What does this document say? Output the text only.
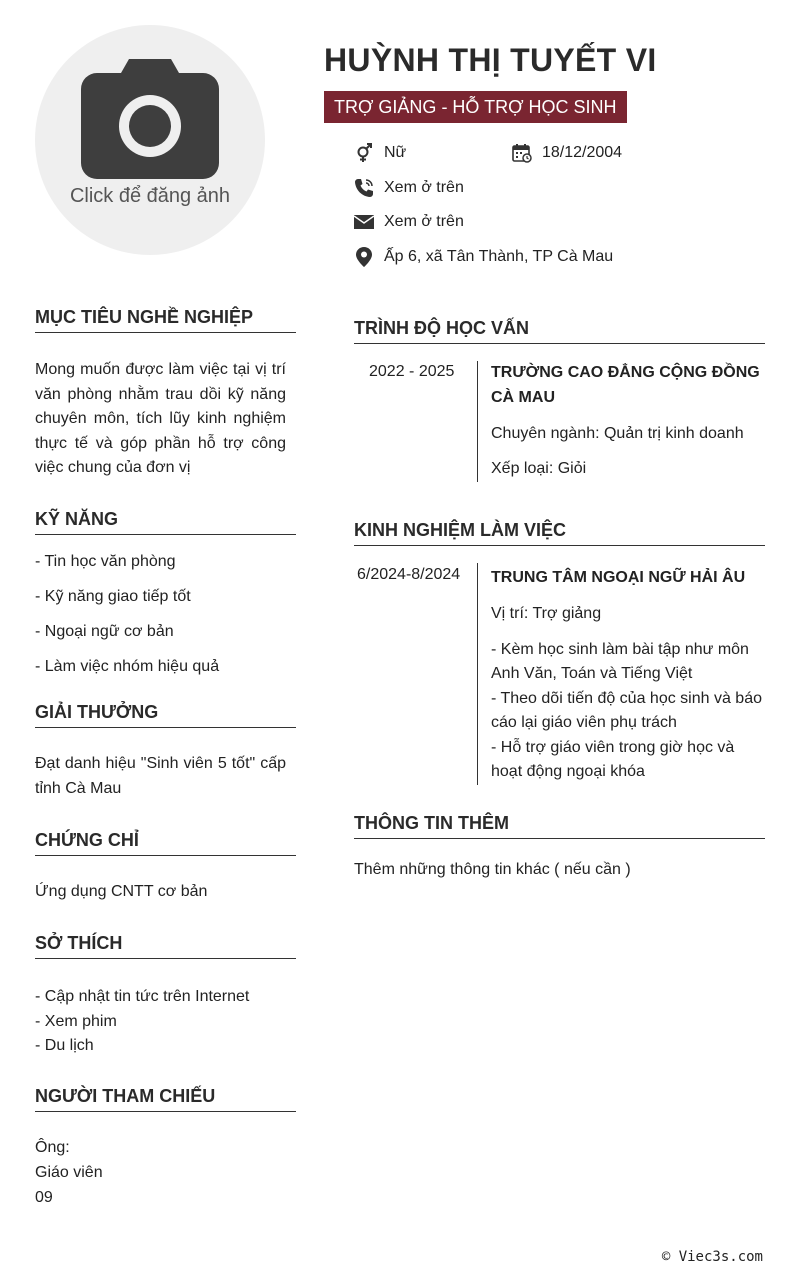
Click để đăng ảnh
HUỲNH THỊ TUYẾT VI
TRỢ GIẢNG - HỖ TRỢ HỌC SINH
Nữ	18/12/2004
Xem ở trên
Xem ở trên
Ấp 6, xã Tân Thành, TP Cà Mau
MỤC TIÊU NGHỀ NGHIỆP
Mong muốn được làm việc tại vị trí văn phòng nhằm trau dồi kỹ năng chuyên môn, tích lũy kinh nghiệm thực tế và góp phần hỗ trợ công việc chung của đơn vị
KỸ NĂNG
- Tin học văn phòng
- Kỹ năng giao tiếp tốt
- Ngoại ngữ cơ bản
- Làm việc nhóm hiệu quả
GIẢI THƯỞNG
Đạt danh hiệu "Sinh viên 5 tốt" cấp tỉnh Cà Mau
CHỨNG CHỈ
Ứng dụng CNTT cơ bản
SỞ THÍCH
- Cập nhật tin tức trên Internet
- Xem phim
- Du lịch
NGƯỜI THAM CHIẾU
Ông:
Giáo viên
09
TRÌNH ĐỘ HỌC VẤN
2022 - 2025 TRƯỜNG CAO ĐẲNG CỘNG ĐỒNG
CÀ MAU

Chuyên ngành: Quản trị kinh doanh

Xếp loại: Giỏi

KINH NGHIỆM LÀM VIỆC
6/2024-8/2024 TRUNG TÂM NGOẠI NGỮ HẢI ÂU

Vị trí: Trợ giảng

- Kèm học sinh làm bài tập như môn Anh Văn, Toán và Tiếng Việt

- Theo dõi tiến độ của học sinh và báo cáo lại giáo viên phụ trách

- Hỗ trợ giáo viên trong giờ học và hoạt động ngoại khóa

THÔNG TIN THÊM
Thêm những thông tin khác ( nếu cần )
© Viec3s.com
